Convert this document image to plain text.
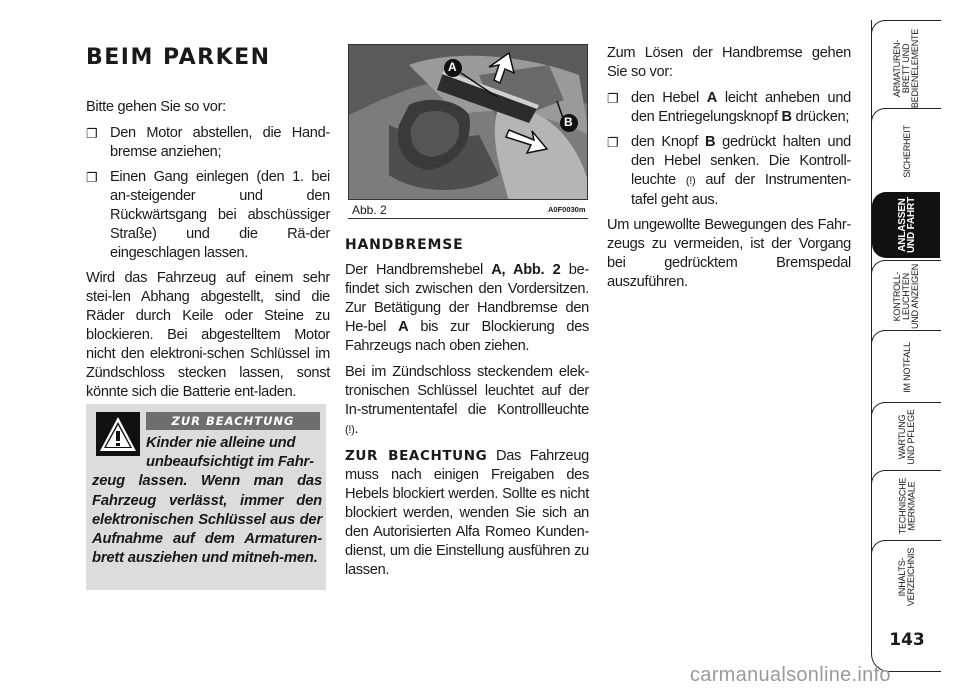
BEIM PARKEN

Bitte gehen Sie so vor:

❐ Den Motor abstellen, die Hand-bremse anziehen;
❐ Einen Gang einlegen (den 1. bei an-steigender und den Rückwärtsgang bei abschüssiger Straße) und die Rä-der eingeschlagen lassen.

Wird das Fahrzeug auf einem sehr stei-len Abhang abgestellt, sind die Räder durch Keile oder Steine zu blockieren. Bei abgestelltem Motor nicht den elektroni-schen Schlüssel im Zündschloss stecken lassen, sonst könnte sich die Batterie ent-laden.

ZUR BEACHTUNG
Kinder nie alleine und
unbeaufsichtigt im Fahr-
zeug lassen. Wenn man das Fahrzeug verlässt, immer den elektronischen Schlüssel aus der Aufnahme auf dem Armaturen-brett ausziehen und mitneh-men.
A
B
Abb. 2	A0F0030m
HANDBREMSE

Der Handbremshebel A, Abb. 2 be-findet sich zwischen den Vordersitzen. Zur Betätigung der Handbremse den He-bel A bis zur Blockierung des Fahrzeugs nach oben ziehen.

Bei im Zündschloss steckendem elek-tronischen Schlüssel leuchtet auf der In-strumententafel die Kontrollleuchte (!).

ZUR BEACHTUNG Das Fahrzeug muss nach einigen Freigaben des Hebels blockiert werden. Sollte es nicht blockiert werden, wenden Sie sich an den Autorisierten Alfa Romeo Kunden-dienst, um die Einstellung ausführen zu lassen.

Zum Lösen der Handbremse gehen Sie so vor:

❐ den Hebel A leicht anheben und den Entriegelungsknopf B drücken;
❐ den Knopf B gedrückt halten und den Hebel senken. Die Kontroll-leuchte (!) auf der Instrumenten-tafel geht aus.

Um ungewollte Bewegungen des Fahr-zeugs zu vermeiden, ist der Vorgang bei gedrücktem Bremspedal auszuführen.

ARMATUREN-
BRETT UND
BEDIENELEMENTE
SICHERHEIT
ANLASSEN
UND FAHRT
KONTROLL-
LEUCHTEN
UND ANZEIGEN
IM NOTFALL
WARTUNG
UND PFLEGE
TECHNISCHE
MERKMALE
INHALTS-
VERZEICHNIS
143
carmanualsonline.info
